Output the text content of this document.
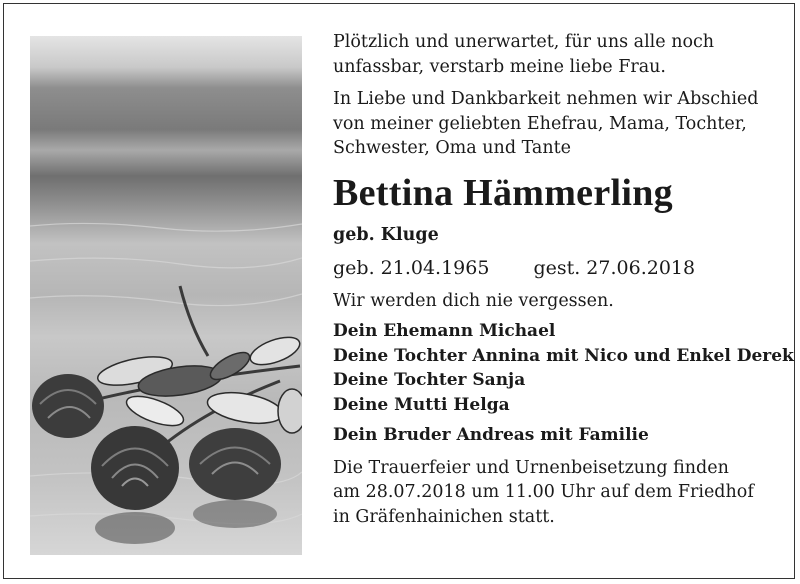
Plötzlich und unerwartet, für uns alle noch
unfassbar, verstarb meine liebe Frau.

In Liebe und Dankbarkeit nehmen wir Abschied
von meiner geliebten Ehefrau, Mama, Tochter,
Schwester, Oma und Tante

Bettina Hämmerling

geb. Kluge

geb. 21.04.1965 gest. 27.06.2018

Wir werden dich nie vergessen.

Dein Ehemann Michael

Deine Tochter Annina mit Nico und Enkel Derek

Deine Tochter Sanja

Deine Mutti Helga

Dein Bruder Andreas mit Familie

Die Trauerfeier und Urnenbeisetzung finden
am 28.07.2018 um 11.00 Uhr auf dem Friedhof
in Gräfenhainichen statt.
